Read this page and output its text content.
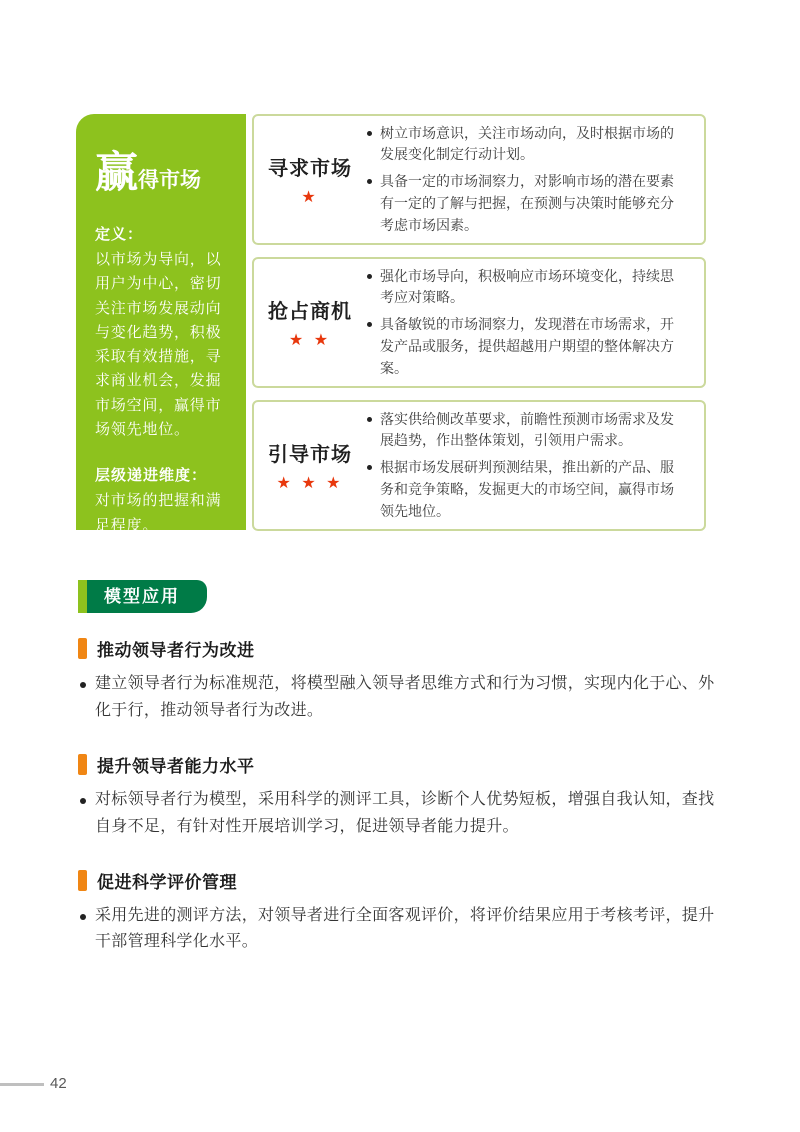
赢得市场
定义：
以市场为导向，以用户为中心，密切关注市场发展动向与变化趋势，积极采取有效措施，寻求商业机会，发掘市场空间，赢得市场领先地位。
层级递进维度：
对市场的把握和满足程度。
寻求市场
★
树立市场意识，关注市场动向，及时根据市场的发展变化制定行动计划。
具备一定的市场洞察力，对影响市场的潜在要素有一定的了解与把握，在预测与决策时能够充分考虑市场因素。
抢占商机
★ ★
强化市场导向，积极响应市场环境变化，持续思考应对策略。
具备敏锐的市场洞察力，发现潜在市场需求，开发产品或服务，提供超越用户期望的整体解决方案。
引导市场
★ ★ ★
落实供给侧改革要求，前瞻性预测市场需求及发展趋势，作出整体策划，引领用户需求。
根据市场发展研判预测结果，推出新的产品、服务和竞争策略，发掘更大的市场空间，赢得市场领先地位。
模型应用
推动领导者行为改进
建立领导者行为标准规范，将模型融入领导者思维方式和行为习惯，实现内化于心、外化于行，推动领导者行为改进。
提升领导者能力水平
对标领导者行为模型，采用科学的测评工具，诊断个人优势短板，增强自我认知，查找自身不足，有针对性开展培训学习，促进领导者能力提升。
促进科学评价管理
采用先进的测评方法，对领导者进行全面客观评价，将评价结果应用于考核考评，提升干部管理科学化水平。
42
